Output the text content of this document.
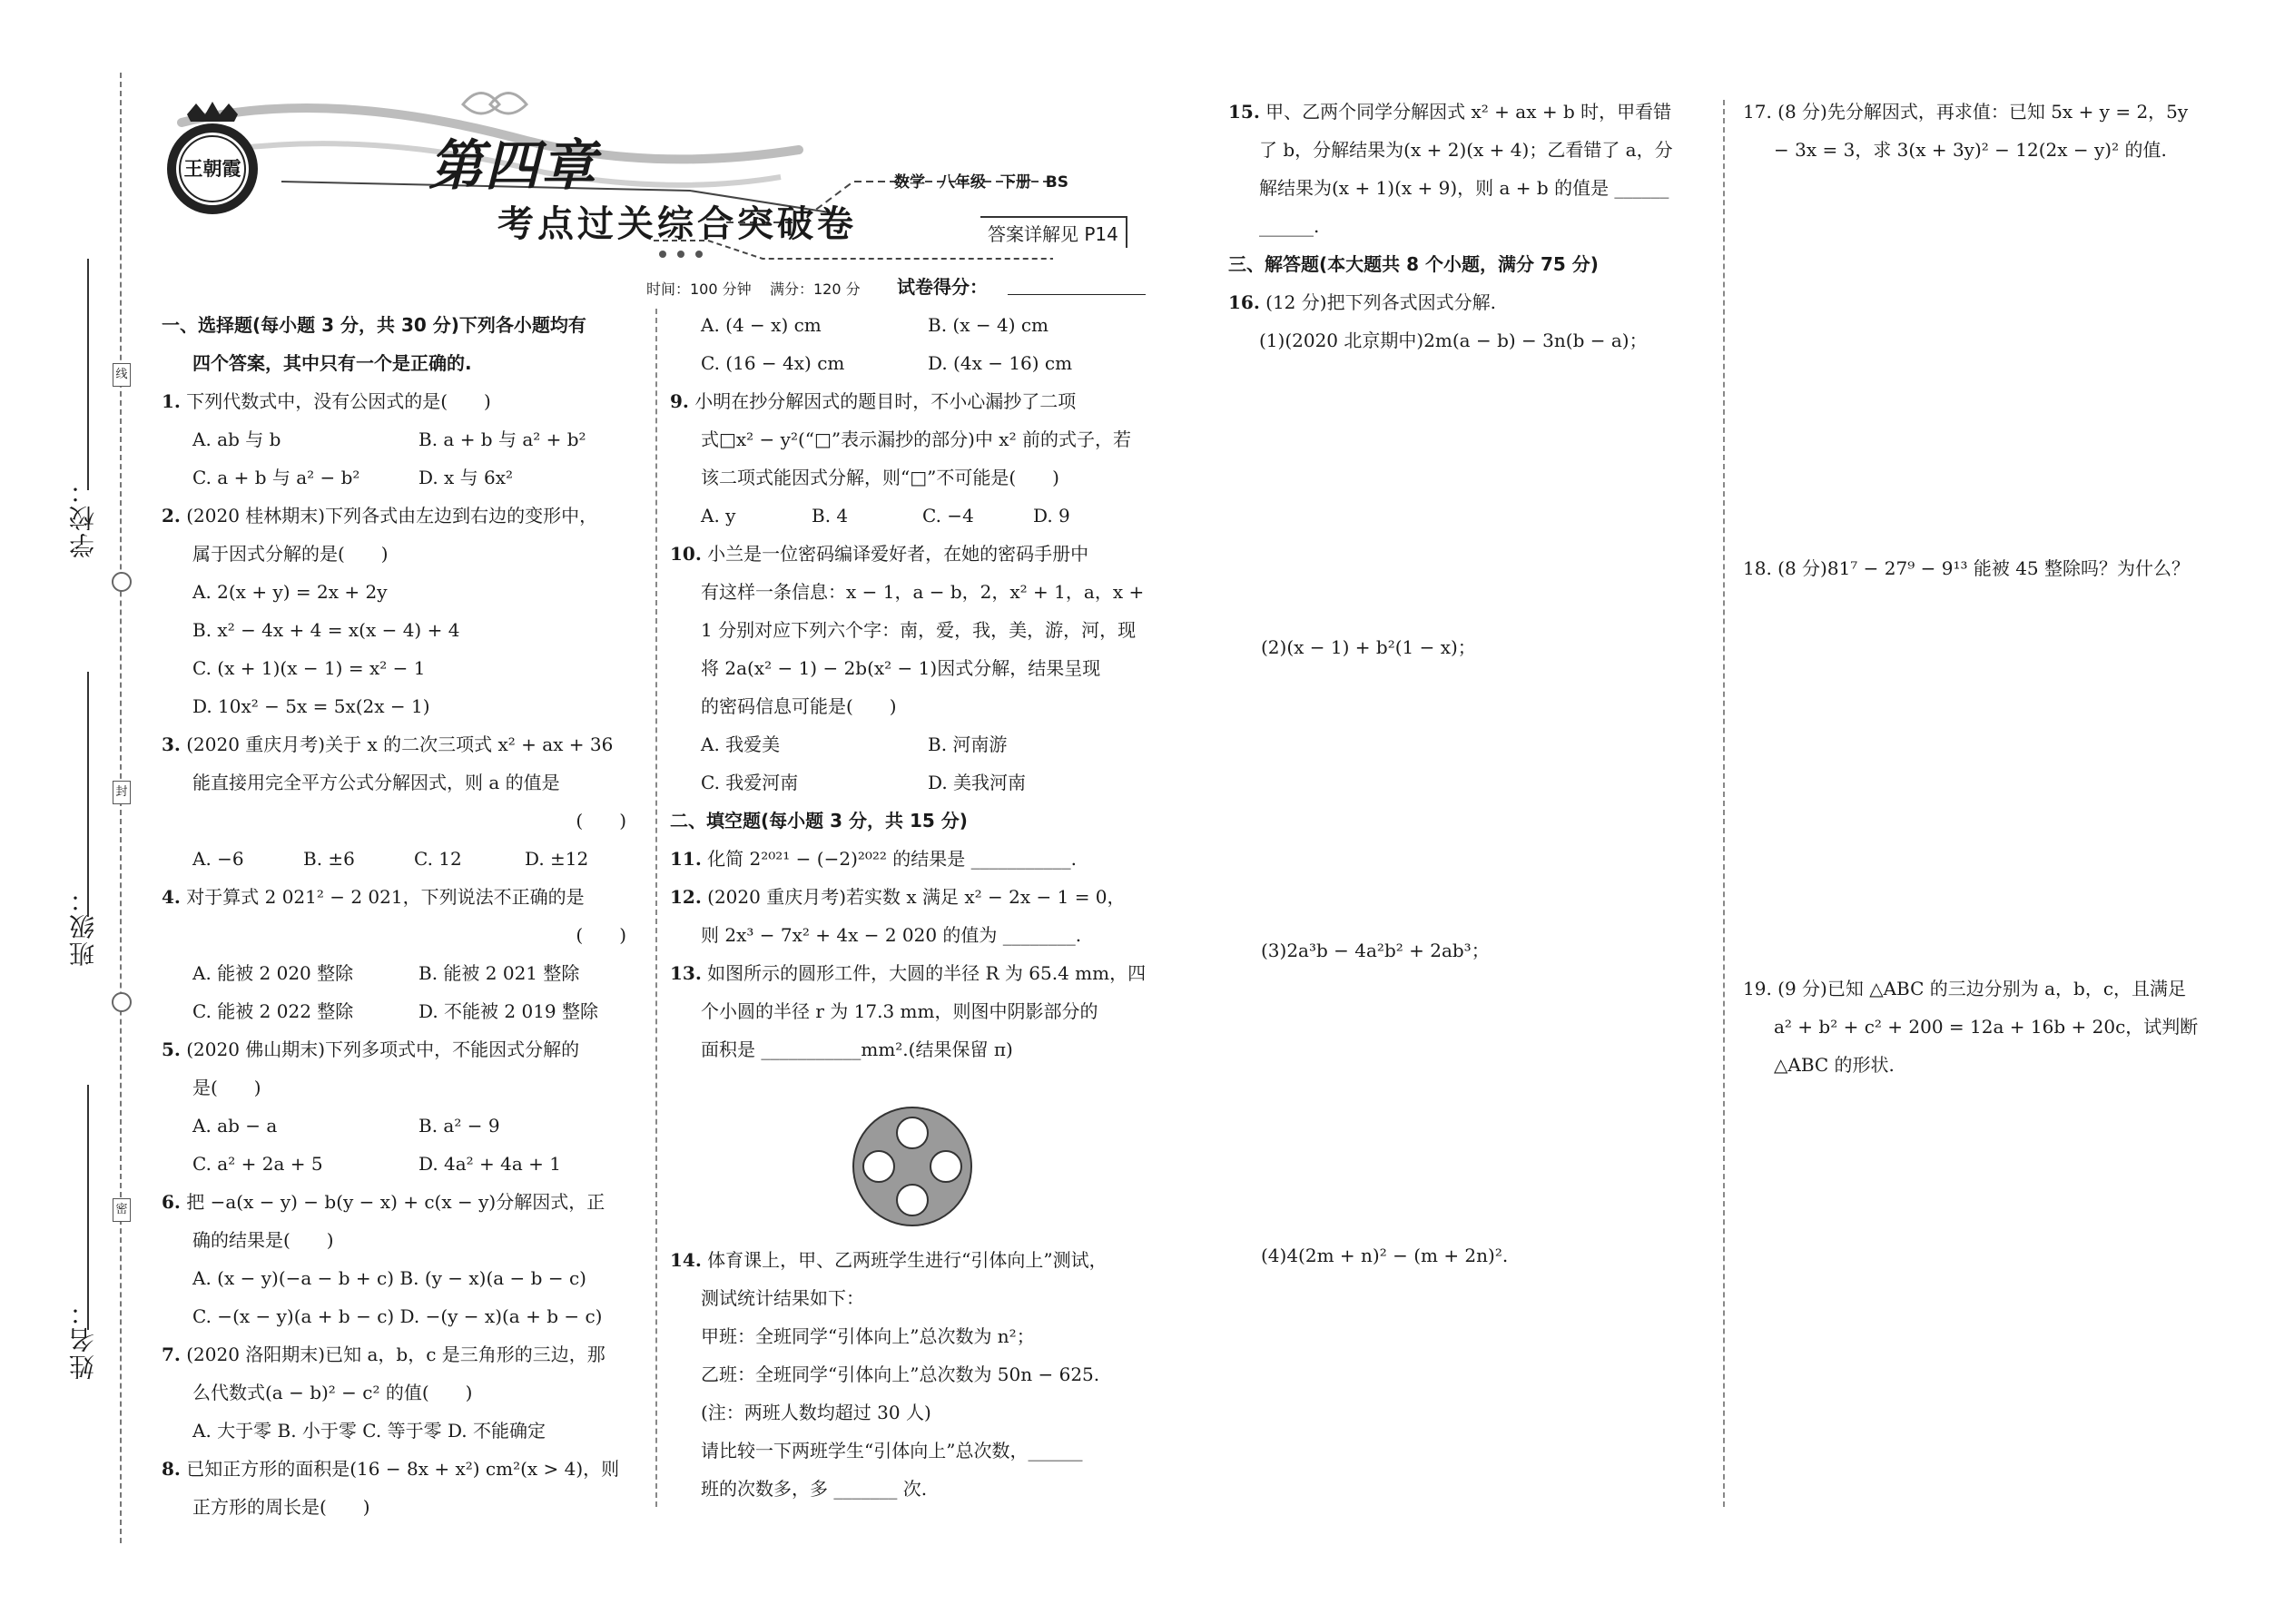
线
封
密
学校：
班级：
姓名：
王朝霞	第四章
考点过关综合突破卷
数学 八年级 下册 BS
答案详解见 P14
时间：100 分钟    满分：120 分 试卷得分：

一、选择题(每小题 3 分，共 30 分)下列各小题均有

四个答案，其中只有一个是正确的.

1. 下列代数式中，没有公因式的是(　　)

A. ab 与 b	B. a + b 与 a² + b²

C. a + b 与 a² − b²	D. x 与 6x²

2. (2020 桂林期末)下列各式由左边到右边的变形中，

属于因式分解的是(　　)

A. 2(x + y) = 2x + 2y

B. x² − 4x + 4 = x(x − 4) + 4

C. (x + 1)(x − 1) = x² − 1

D. 10x² − 5x = 5x(2x − 1)

3. (2020 重庆月考)关于 x 的二次三项式 x² + ax + 36

能直接用完全平方公式分解因式，则 a 的值是

(　　)

A. −6	B. ±6	C. 12	D. ±12

4. 对于算式 2 021² − 2 021，下列说法不正确的是

(　　)

A. 能被 2 020 整除	B. 能被 2 021 整除

C. 能被 2 022 整除	D. 不能被 2 019 整除

5. (2020 佛山期末)下列多项式中，不能因式分解的

是(　　)

A. ab − a	B. a² − 9

C. a² + 2a + 5	D. 4a² + 4a + 1

6. 把 −a(x − y) − b(y − x) + c(x − y)分解因式，正

确的结果是(　　)

A. (x − y)(−a − b + c) B. (y − x)(a − b − c)

C. −(x − y)(a + b − c) D. −(y − x)(a + b − c)

7. (2020 洛阳期末)已知 a，b，c 是三角形的三边，那

么代数式(a − b)² − c² 的值(　　)

A. 大于零 B. 小于零 C. 等于零 D. 不能确定

8. 已知正方形的面积是(16 − 8x + x²) cm²(x > 4)，则

正方形的周长是(　　)

A. (4 − x) cm	B. (x − 4) cm

C. (16 − 4x) cm	D. (4x − 16) cm

9. 小明在抄分解因式的题目时，不小心漏抄了二项

式□x² − y²(“□”表示漏抄的部分)中 x² 前的式子，若

该二项式能因式分解，则“□”不可能是(　　)

A. y	B. 4	C. −4	D. 9

10. 小兰是一位密码编译爱好者，在她的密码手册中

有这样一条信息：x − 1，a − b，2，x² + 1，a，x +

1 分别对应下列六个字：南，爱，我，美，游，河，现

将 2a(x² − 1) − 2b(x² − 1)因式分解，结果呈现

的密码信息可能是(　　)

A. 我爱美	B. 河南游

C. 我爱河南	D. 美我河南

二、填空题(每小题 3 分，共 15 分)

11. 化简 2²⁰²¹ − (−2)²⁰²² 的结果是 ___________.

12. (2020 重庆月考)若实数 x 满足 x² − 2x − 1 = 0，

则 2x³ − 7x² + 4x − 2 020 的值为 ________.

13. 如图所示的圆形工件，大圆的半径 R 为 65.4 mm，四

个小圆的半径 r 为 17.3 mm，则图中阴影部分的

面积是 ___________mm².(结果保留 π)

14. 体育课上，甲、乙两班学生进行“引体向上”测试，

测试统计结果如下：

甲班：全班同学“引体向上”总次数为 n²；

乙班：全班同学“引体向上”总次数为 50n − 625.

(注：两班人数均超过 30 人)

请比较一下两班学生“引体向上”总次数，______

班的次数多，多 _______ 次.

15. 甲、乙两个同学分解因式 x² + ax + b 时，甲看错

了 b，分解结果为(x + 2)(x + 4)；乙看错了 a，分

解结果为(x + 1)(x + 9)，则 a + b 的值是 ______

______.

三、解答题(本大题共 8 个小题，满分 75 分)

16. (12 分)把下列各式因式分解.

(1)(2020 北京期中)2m(a − b) − 3n(b − a)；

(2)(x − 1) + b²(1 − x)；

(3)2a³b − 4a²b² + 2ab³；

(4)4(2m + n)² − (m + 2n)².

17. (8 分)先分解因式，再求值：已知 5x + y = 2，5y

− 3x = 3，求 3(x + 3y)² − 12(2x − y)² 的值.

18. (8 分)81⁷ − 27⁹ − 9¹³ 能被 45 整除吗？为什么？

19. (9 分)已知 △ABC 的三边分别为 a，b，c，且满足

a² + b² + c² + 200 = 12a + 16b + 20c，试判断

△ABC 的形状.
